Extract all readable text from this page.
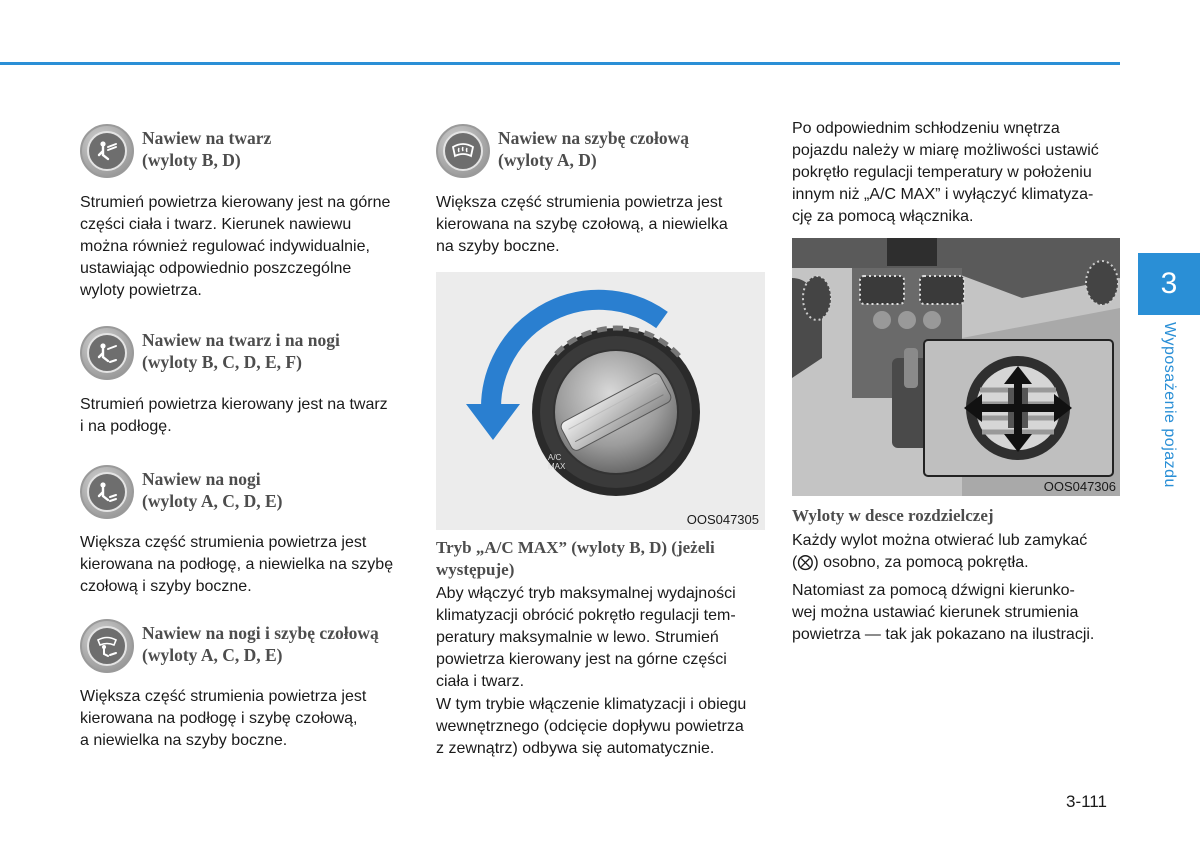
Nawiew na twarz
(wyloty B, D)
Strumień powietrza kierowany jest na górne
części ciała i twarz. Kierunek nawiewu
można również regulować indywidualnie,
ustawiając odpowiednio poszczególne
wyloty powietrza.
Nawiew na twarz i na nogi
(wyloty B, C, D, E, F)
Strumień powietrza kierowany jest na twarz
i na podłogę.
Nawiew na nogi
(wyloty A, C, D, E)
Większa część strumienia powietrza jest
kierowana na podłogę, a niewielka na szybę
czołową i szyby boczne.
Nawiew na nogi i szybę czołową
(wyloty A, C, D, E)
Większa część strumienia powietrza jest
kierowana na podłogę i szybę czołową,
a niewielka na szyby boczne.
Nawiew na szybę czołową
(wyloty A, D)
Większa część strumienia powietrza jest
kierowana na szybę czołową, a niewielka
na szyby boczne.
A/C
MAX
OOS047305
Tryb „A/C MAX” (wyloty B, D) (jeżeli
występuje)
Aby włączyć tryb maksymalnej wydajności
klimatyzacji obrócić pokrętło regulacji tem-
peratury maksymalnie w lewo. Strumień
powietrza kierowany jest na górne części
ciała i twarz.
W tym trybie włączenie klimatyzacji i obiegu
wewnętrznego (odcięcie dopływu powietrza
z zewnątrz) odbywa się automatycznie.
Po odpowiednim schłodzeniu wnętrza
pojazdu należy w miarę możliwości ustawić
pokrętło regulacji temperatury w położeniu
innym niż „A/C MAX” i wyłączyć klimatyza-
cję za pomocą włącznika.
OOS047306
Wyloty w desce rozdzielczej
Każdy wylot można otwierać lub zamykać
(⨂) osobno, za pomocą pokrętła.
Natomiast za pomocą dźwigni kierunko-
wej można ustawiać kierunek strumienia
powietrza — tak jak pokazano na ilustracji.
3
Wyposażenie pojazdu
3-111
